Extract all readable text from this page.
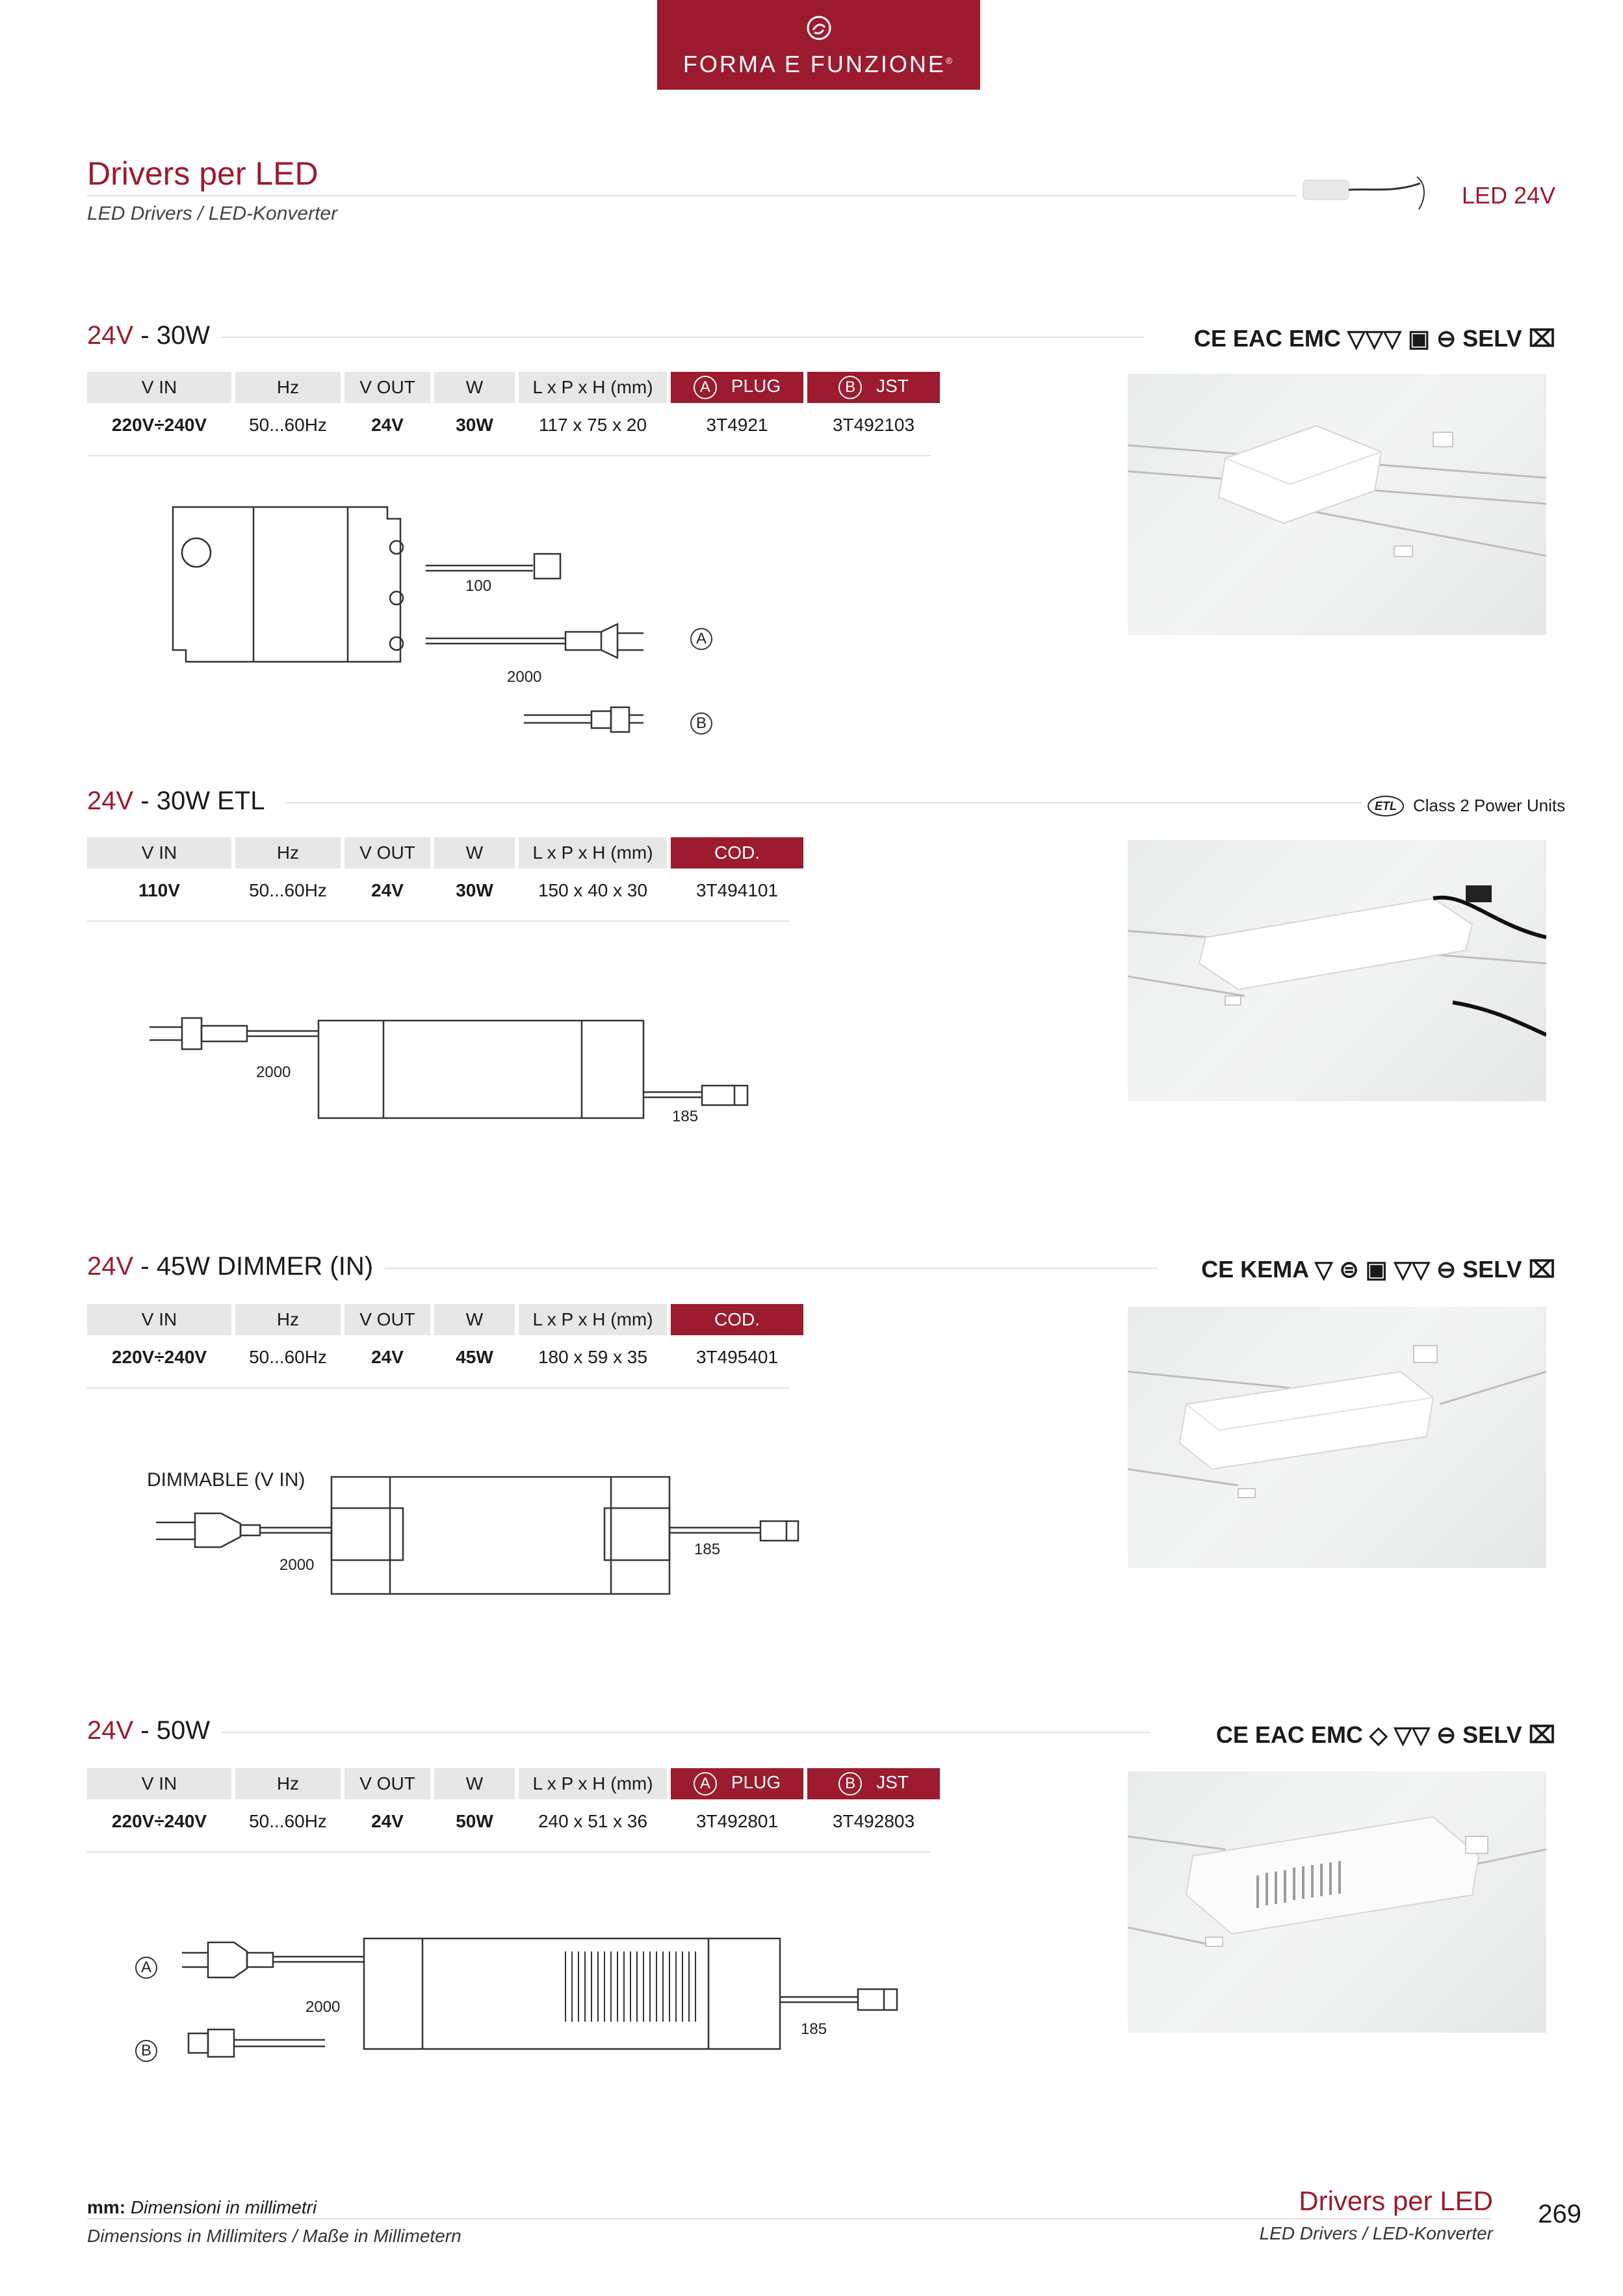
FORMA E FUNZIONE®
Drivers per LED
LED Drivers / LED-Konverter
LED 24V
24V - 30W	CE EAC EMC ▽▽▽ ▣ ⊖ SELV ⌧
V IN	Hz	V OUT	W	L x P x H (mm)	A PLUG	B JST
220V÷240V	50...60Hz	24V	30W	117 x 75 x 20	3T4921	3T492103
100
2000
A
B
24V - 30W ETL	ETL Class 2 Power Units
V IN	Hz	V OUT	W	L x P x H (mm)	COD.
110V	50...60Hz	24V	30W	150 x 40 x 30	3T494101
2000
185
24V - 45W DIMMER (IN)	CE KEMA ▽ ⊜ ▣ ▽▽ ⊖ SELV ⌧
V IN	Hz	V OUT	W	L x P x H (mm)	COD.
220V÷240V	50...60Hz	24V	45W	180 x 59 x 35	3T495401
DIMMABLE (V IN)
2000
185
24V - 50W	CE EAC EMC ◇ ▽▽ ⊖ SELV ⌧
V IN	Hz	V OUT	W	L x P x H (mm)	A PLUG	B JST
220V÷240V	50...60Hz	24V	50W	240 x 51 x 36	3T492801	3T492803
A
B
2000
185
mm: Dimensioni in millimetri
Dimensions in Millimiters / Maße in Millimetern
Drivers per LED
LED Drivers / LED-Konverter
269
